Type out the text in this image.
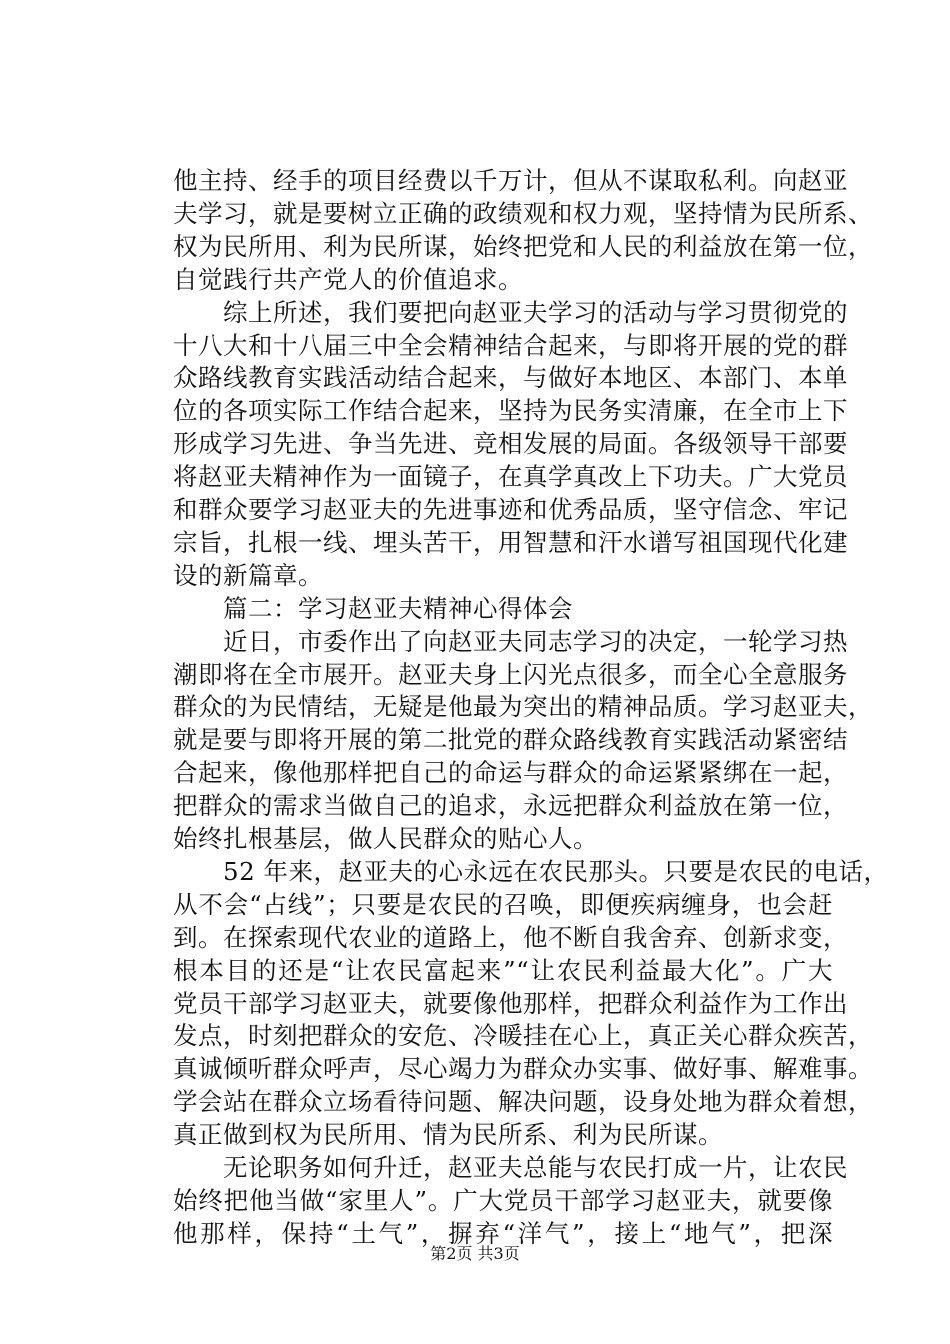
他主持、经手的项目经费以千万计，但从不谋取私利。向赵亚
夫学习，就是要树立正确的政绩观和权力观，坚持情为民所系、
权为民所用、利为民所谋，始终把党和人民的利益放在第一位，
自觉践行共产党人的价值追求。
　　综上所述，我们要把向赵亚夫学习的活动与学习贯彻党的
十八大和十八届三中全会精神结合起来，与即将开展的党的群
众路线教育实践活动结合起来，与做好本地区、本部门、本单
位的各项实际工作结合起来，坚持为民务实清廉，在全市上下
形成学习先进、争当先进、竞相发展的局面。各级领导干部要
将赵亚夫精神作为一面镜子，在真学真改上下功夫。广大党员
和群众要学习赵亚夫的先进事迹和优秀品质，坚守信念、牢记
宗旨，扎根一线、埋头苦干，用智慧和汗水谱写祖国现代化建
设的新篇章。
　　篇二：学习赵亚夫精神心得体会
　　近日，市委作出了向赵亚夫同志学习的决定，一轮学习热
潮即将在全市展开。赵亚夫身上闪光点很多，而全心全意服务
群众的为民情结，无疑是他最为突出的精神品质。学习赵亚夫，
就是要与即将开展的第二批党的群众路线教育实践活动紧密结
合起来，像他那样把自己的命运与群众的命运紧紧绑在一起，
把群众的需求当做自己的追求，永远把群众利益放在第一位，
始终扎根基层，做人民群众的贴心人。
　　52 年来，赵亚夫的心永远在农民那头。只要是农民的电话，
从不会“占线”；只要是农民的召唤，即便疾病缠身，也会赶
到。在探索现代农业的道路上，他不断自我舍弃、创新求变，
根本目的还是“让农民富起来”“让农民利益最大化”。广大
党员干部学习赵亚夫，就要像他那样，把群众利益作为工作出
发点，时刻把群众的安危、冷暖挂在心上，真正关心群众疾苦，
真诚倾听群众呼声，尽心竭力为群众办实事、做好事、解难事。
学会站在群众立场看待问题、解决问题，设身处地为群众着想，
真正做到权为民所用、情为民所系、利为民所谋。
　　无论职务如何升迁，赵亚夫总能与农民打成一片，让农民
始终把他当做“家里人”。广大党员干部学习赵亚夫，就要像
他那样，保持“土气”，摒弃“洋气”，接上“地气”，把深
第2页 共3页
